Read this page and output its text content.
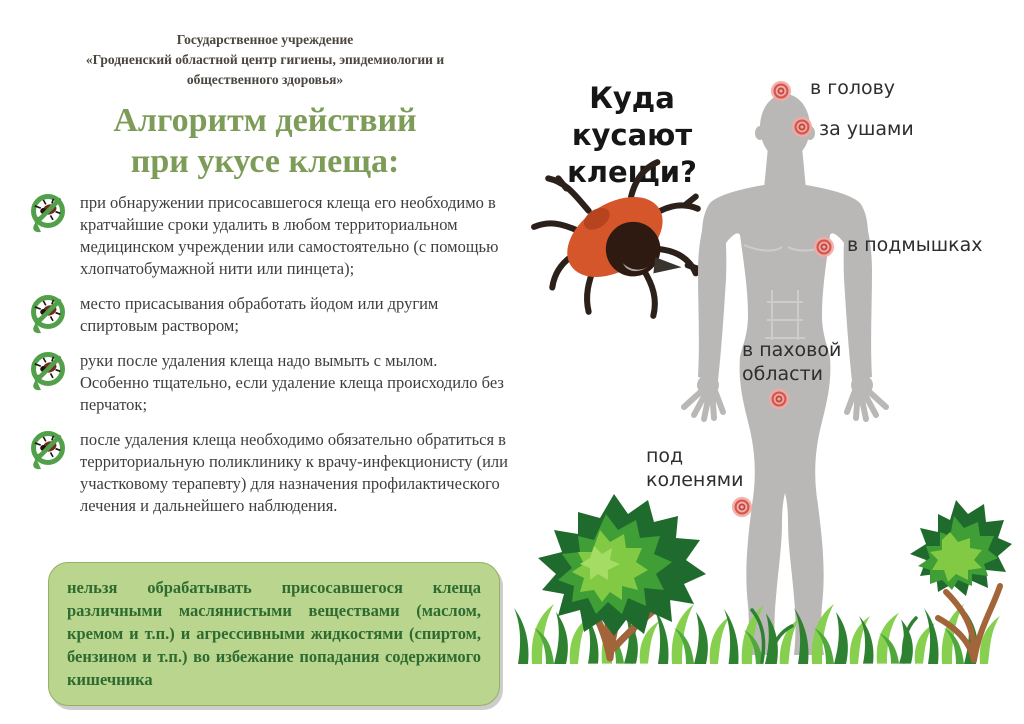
Государственное учреждение
«Гродненский областной центр гигиены, эпидемиологии и
общественного здоровья»
Алгоритм действий
при укусе клеща:
при обнаружении присосавшегося клеща его необходимо в кратчайшие сроки удалить в любом территориальном медицинском учреждении или самостоятельно (с помощью хлопчатобумажной нити или пинцета);
место присасывания обработать йодом или другим спиртовым раствором;
руки после удаления клеща надо вымыть с мылом. Особенно тщательно, если удаление клеща происходило без перчаток;
после удаления клеща необходимо обязательно обратиться в территориальную поликлинику к врачу-инфекционисту (или участковому терапевту) для назначения профилактического лечения и дальнейшего наблюдения.
нельзя обрабатывать присосавшегося клеща различными маслянистыми веществами (маслом, кремом и т.п.) и агрессивными жидкостями (спиртом, бензином и т.п.) во избежание попадания содержимого кишечника
Куда кусают
клещи?
в голову
за ушами
в подмышках
в паховой области
под коленями
